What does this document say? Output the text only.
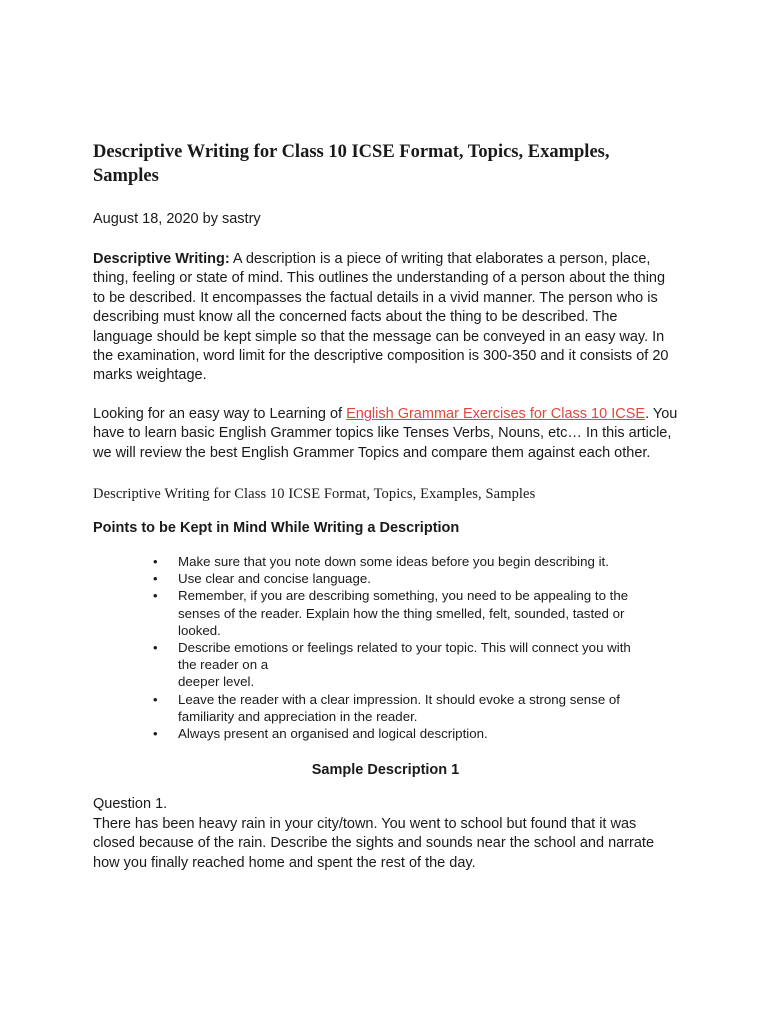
Descriptive Writing for Class 10 ICSE Format, Topics, Examples, Samples
August 18, 2020 by sastry

Descriptive Writing: A description is a piece of writing that elaborates a person, place, thing, feeling or state of mind. This outlines the understanding of a person about the thing to be described. It encompasses the factual details in a vivid manner. The person who is describing must know all the concerned facts about the thing to be described. The language should be kept simple so that the message can be conveyed in an easy way. In the examination, word limit for the descriptive composition is 300-350 and it consists of 20 marks weightage.

Looking for an easy way to Learning of English Grammar Exercises for Class 10 ICSE. You have to learn basic English Grammer topics like Tenses Verbs, Nouns, etc… In this article, we will review the best English Grammer Topics and compare them against each other.

Descriptive Writing for Class 10 ICSE Format, Topics, Examples, Samples
Points to be Kept in Mind While Writing a Description
• Make sure that you note down some ideas before you begin describing it.
• Use clear and concise language.
• Remember, if you are describing something, you need to be appealing to the
senses of the reader. Explain how the thing smelled, felt, sounded, tasted or
looked.
• Describe emotions or feelings related to your topic. This will connect you with
the reader on a
deeper level.
• Leave the reader with a clear impression. It should evoke a strong sense of
familiarity and appreciation in the reader.
• Always present an organised and logical description.
Sample Description 1

Question 1.

There has been heavy rain in your city/town. You went to school but found that it was closed because of the rain. Describe the sights and sounds near the school and narrate how you finally reached home and spent the rest of the day.
